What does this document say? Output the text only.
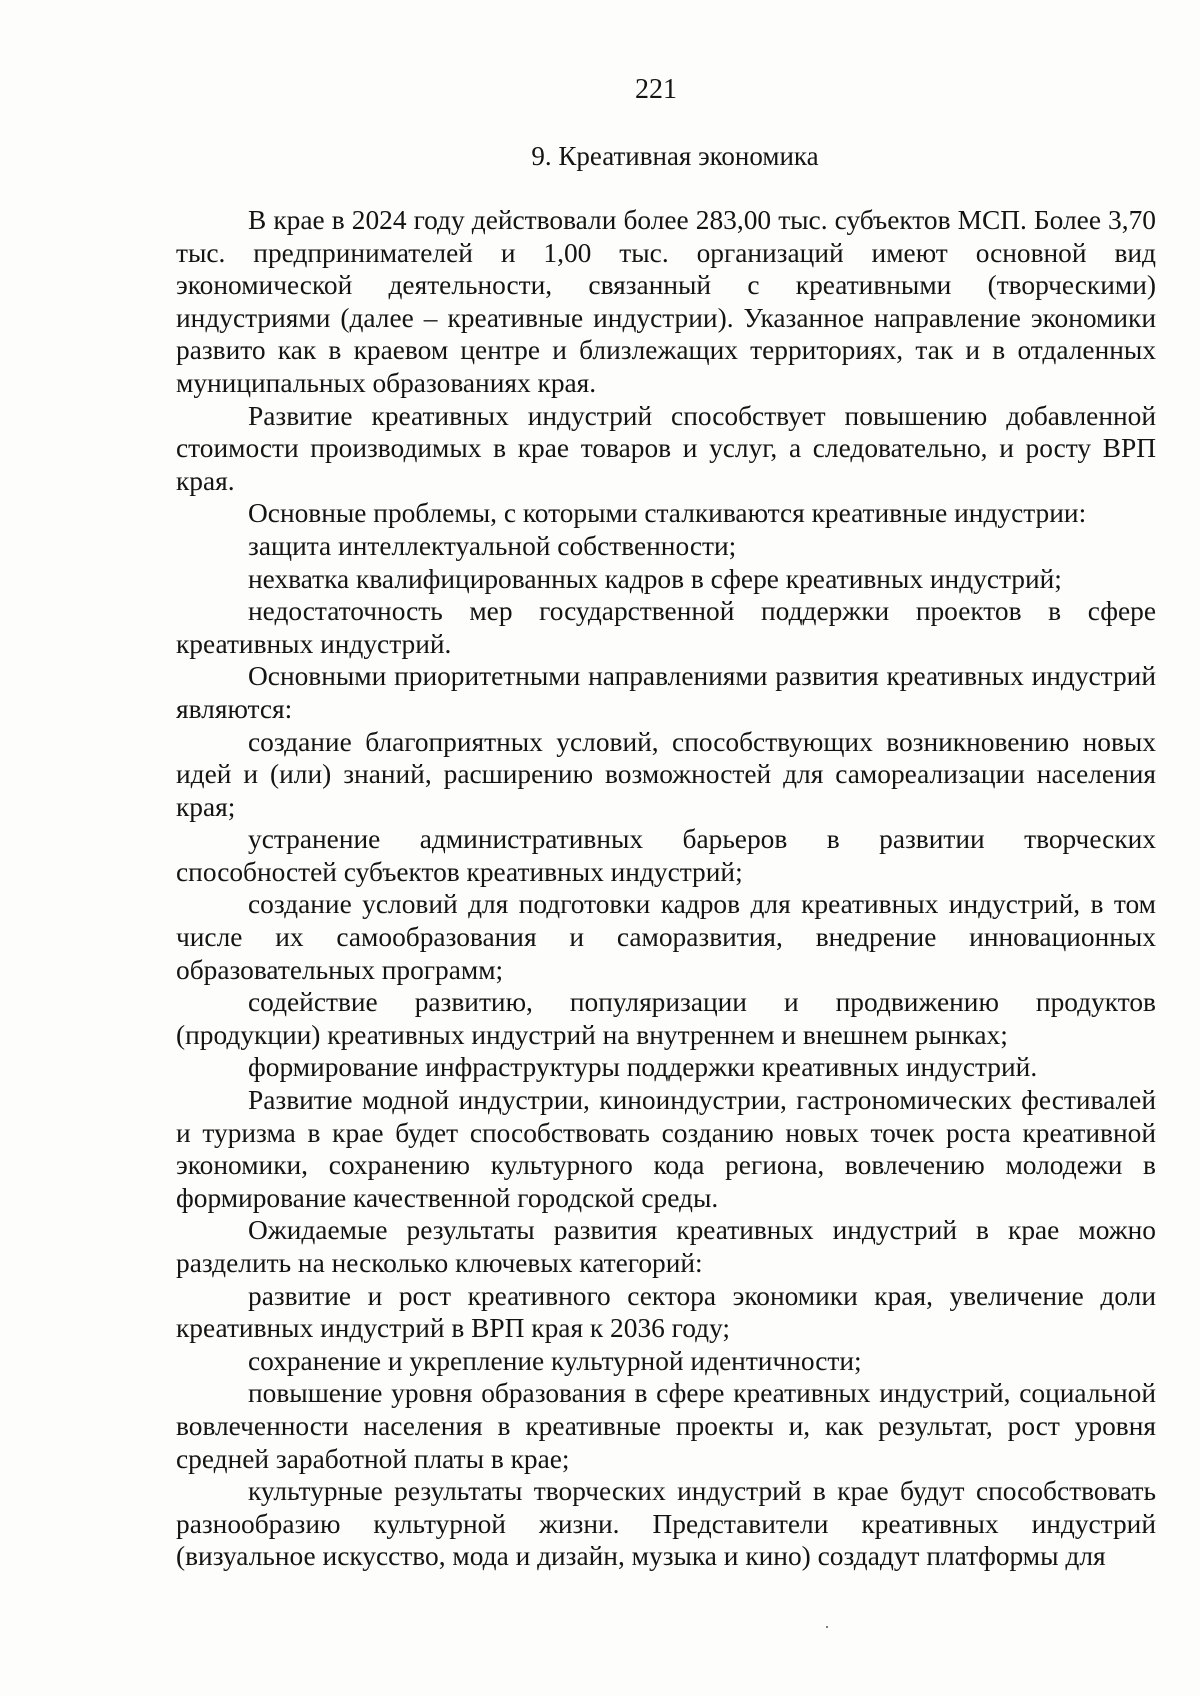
221
9. Креативная экономика

В крае в 2024 году действовали более 283,00 тыс. субъектов МСП. Более 3,70 тыс. предпринимателей и 1,00 тыс. организаций имеют основной вид экономической деятельности, связанный с креативными (творческими) индустриями (далее – креативные индустрии). Указанное направление экономики развито как в краевом центре и близлежащих территориях, так и в отдаленных муниципальных образованиях края.

Развитие креативных индустрий способствует повышению добавленной стоимости производимых в крае товаров и услуг, а следовательно, и росту ВРП края.

Основные проблемы, с которыми сталкиваются креативные индустрии:

защита интеллектуальной собственности;

нехватка квалифицированных кадров в сфере креативных индустрий;

недостаточность мер государственной поддержки проектов в сфере креативных индустрий.

Основными приоритетными направлениями развития креативных индустрий являются:

создание благоприятных условий, способствующих возникновению новых идей и (или) знаний, расширению возможностей для самореализации населения края;

устранение административных барьеров в развитии творческих способностей субъектов креативных индустрий;

создание условий для подготовки кадров для креативных индустрий, в том числе их самообразования и саморазвития, внедрение инновационных образовательных программ;

содействие развитию, популяризации и продвижению продуктов (продукции) креативных индустрий на внутреннем и внешнем рынках;

формирование инфраструктуры поддержки креативных индустрий.

Развитие модной индустрии, киноиндустрии, гастрономических фестивалей и туризма в крае будет способствовать созданию новых точек роста креативной экономики, сохранению культурного кода региона, вовлечению молодежи в формирование качественной городской среды.

Ожидаемые результаты развития креативных индустрий в крае можно разделить на несколько ключевых категорий:

развитие и рост креативного сектора экономики края, увеличение доли креативных индустрий в ВРП края к 2036 году;

сохранение и укрепление культурной идентичности;

повышение уровня образования в сфере креативных индустрий, социальной вовлеченности населения в креативные проекты и, как результат, рост уровня средней заработной платы в крае;

культурные результаты творческих индустрий в крае будут способствовать разнообразию культурной жизни. Представители креативных индустрий (визуальное искусство, мода и дизайн, музыка и кино) создадут платформы для
